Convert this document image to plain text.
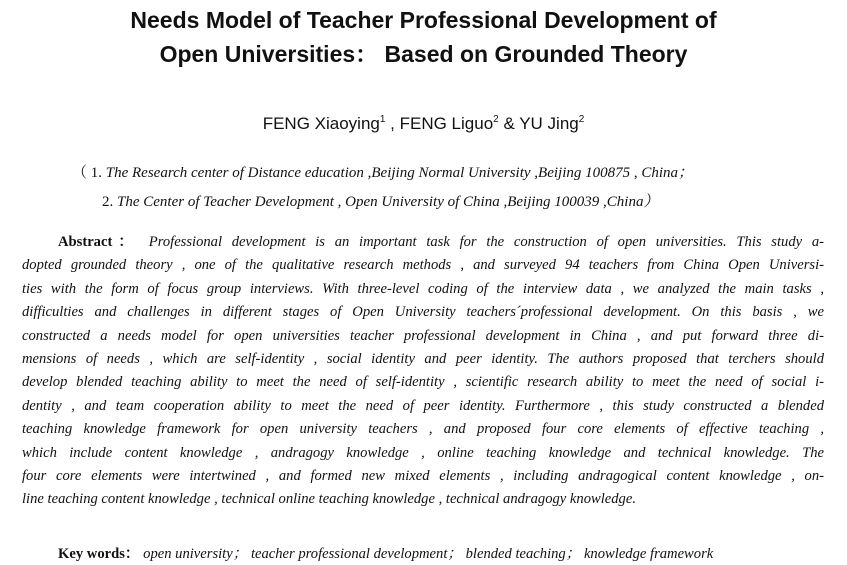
Needs Model of Teacher Professional Development of
Open Universities： Based on Grounded Theory
FENG Xiaoying$^1$ , FENG Liguo$^2$ & YU Jing$^2$
（ 1. The Research center of Distance education ,Beijing Normal University ,Beijing 100875 , China；
2. The Center of Teacher Development , Open University of China ,Beijing 100039 ,China）
Abstract： Professional development is an important task for the construction of open universities. This study a-
dopted grounded theory , one of the qualitative research methods , and surveyed 94 teachers from China Open Universi-
ties with the form of focus group interviews. With three-level coding of the interview data , we analyzed the main tasks ,
difficulties and challenges in different stages of Open University teachers´professional development. On this basis , we
constructed a needs model for open universities teacher professional development in China , and put forward three di-
mensions of needs , which are self-identity , social identity and peer identity. The authors proposed that terchers should
develop blended teaching ability to meet the need of self-identity , scientific research ability to meet the need of social i-
dentity , and team cooperation ability to meet the need of peer identity. Furthermore , this study constructed a blended
teaching knowledge framework for open university teachers , and proposed four core elements of effective teaching ,
which include content knowledge , andragogy knowledge , online teaching knowledge and technical knowledge. The
four core elements were intertwined , and formed new mixed elements , including andragogical content knowledge , on-
line teaching content knowledge , technical online teaching knowledge , technical andragogy knowledge.
Key words： open university； teacher professional development； blended teaching； knowledge framework
